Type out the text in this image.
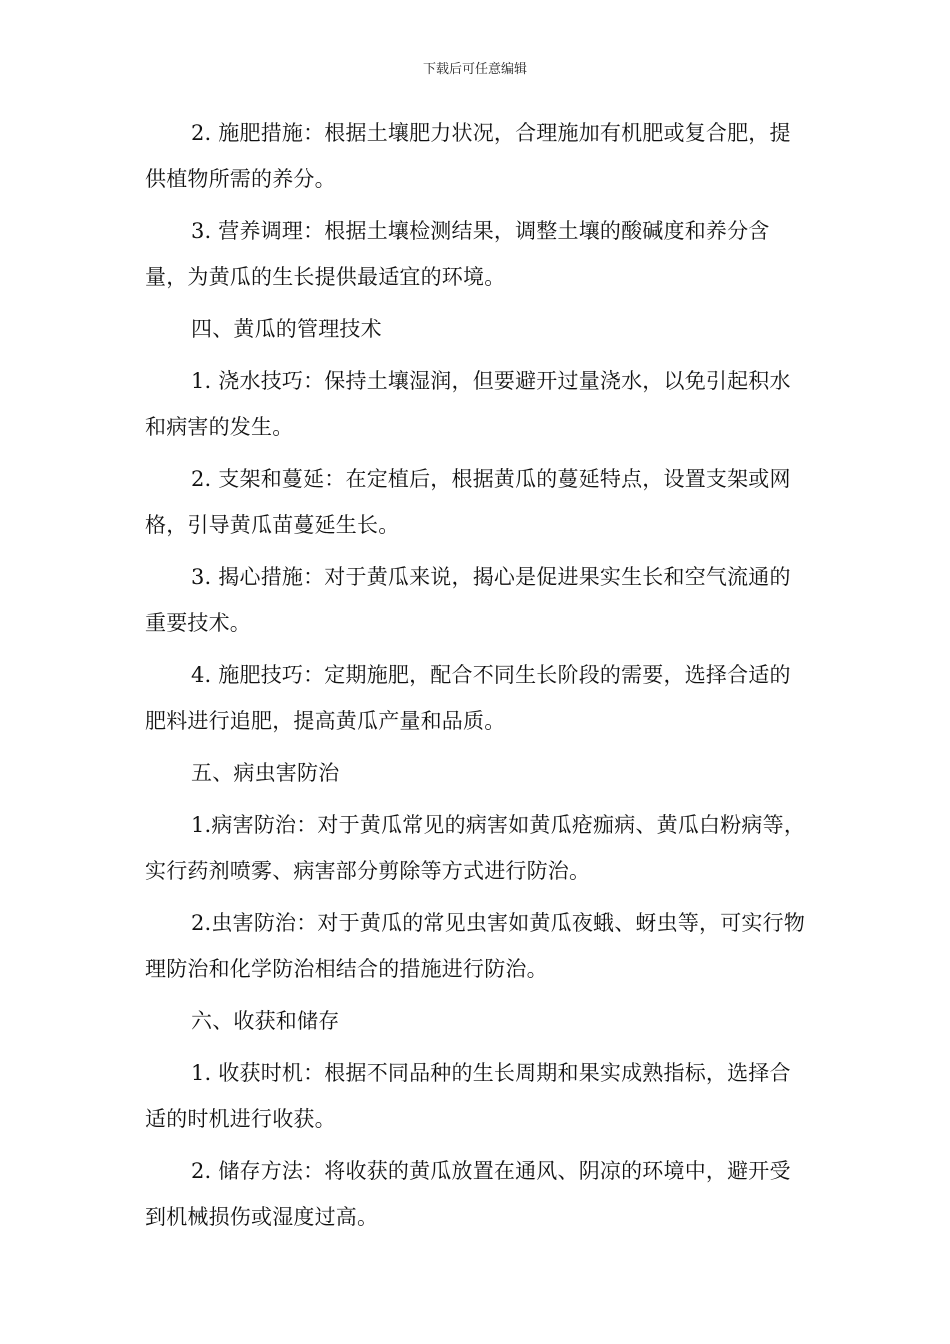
下载后可任意编辑

2. 施肥措施：根据土壤肥力状况，合理施加有机肥或复合肥，提供植物所需的养分。

3. 营养调理：根据土壤检测结果，调整土壤的酸碱度和养分含量，为黄瓜的生长提供最适宜的环境。

四、黄瓜的管理技术

1. 浇水技巧：保持土壤湿润，但要避开过量浇水，以免引起积水和病害的发生。

2. 支架和蔓延：在定植后，根据黄瓜的蔓延特点，设置支架或网格，引导黄瓜苗蔓延生长。

3. 揭心措施：对于黄瓜来说，揭心是促进果实生长和空气流通的重要技术。

4. 施肥技巧：定期施肥，配合不同生长阶段的需要，选择合适的肥料进行追肥，提高黄瓜产量和品质。

五、病虫害防治

1.病害防治：对于黄瓜常见的病害如黄瓜疮痂病、黄瓜白粉病等，实行药剂喷雾、病害部分剪除等方式进行防治。

2.虫害防治：对于黄瓜的常见虫害如黄瓜夜蛾、蚜虫等，可实行物理防治和化学防治相结合的措施进行防治。

六、收获和储存

1. 收获时机：根据不同品种的生长周期和果实成熟指标，选择合适的时机进行收获。

2. 储存方法：将收获的黄瓜放置在通风、阴凉的环境中，避开受到机械损伤或湿度过高。
